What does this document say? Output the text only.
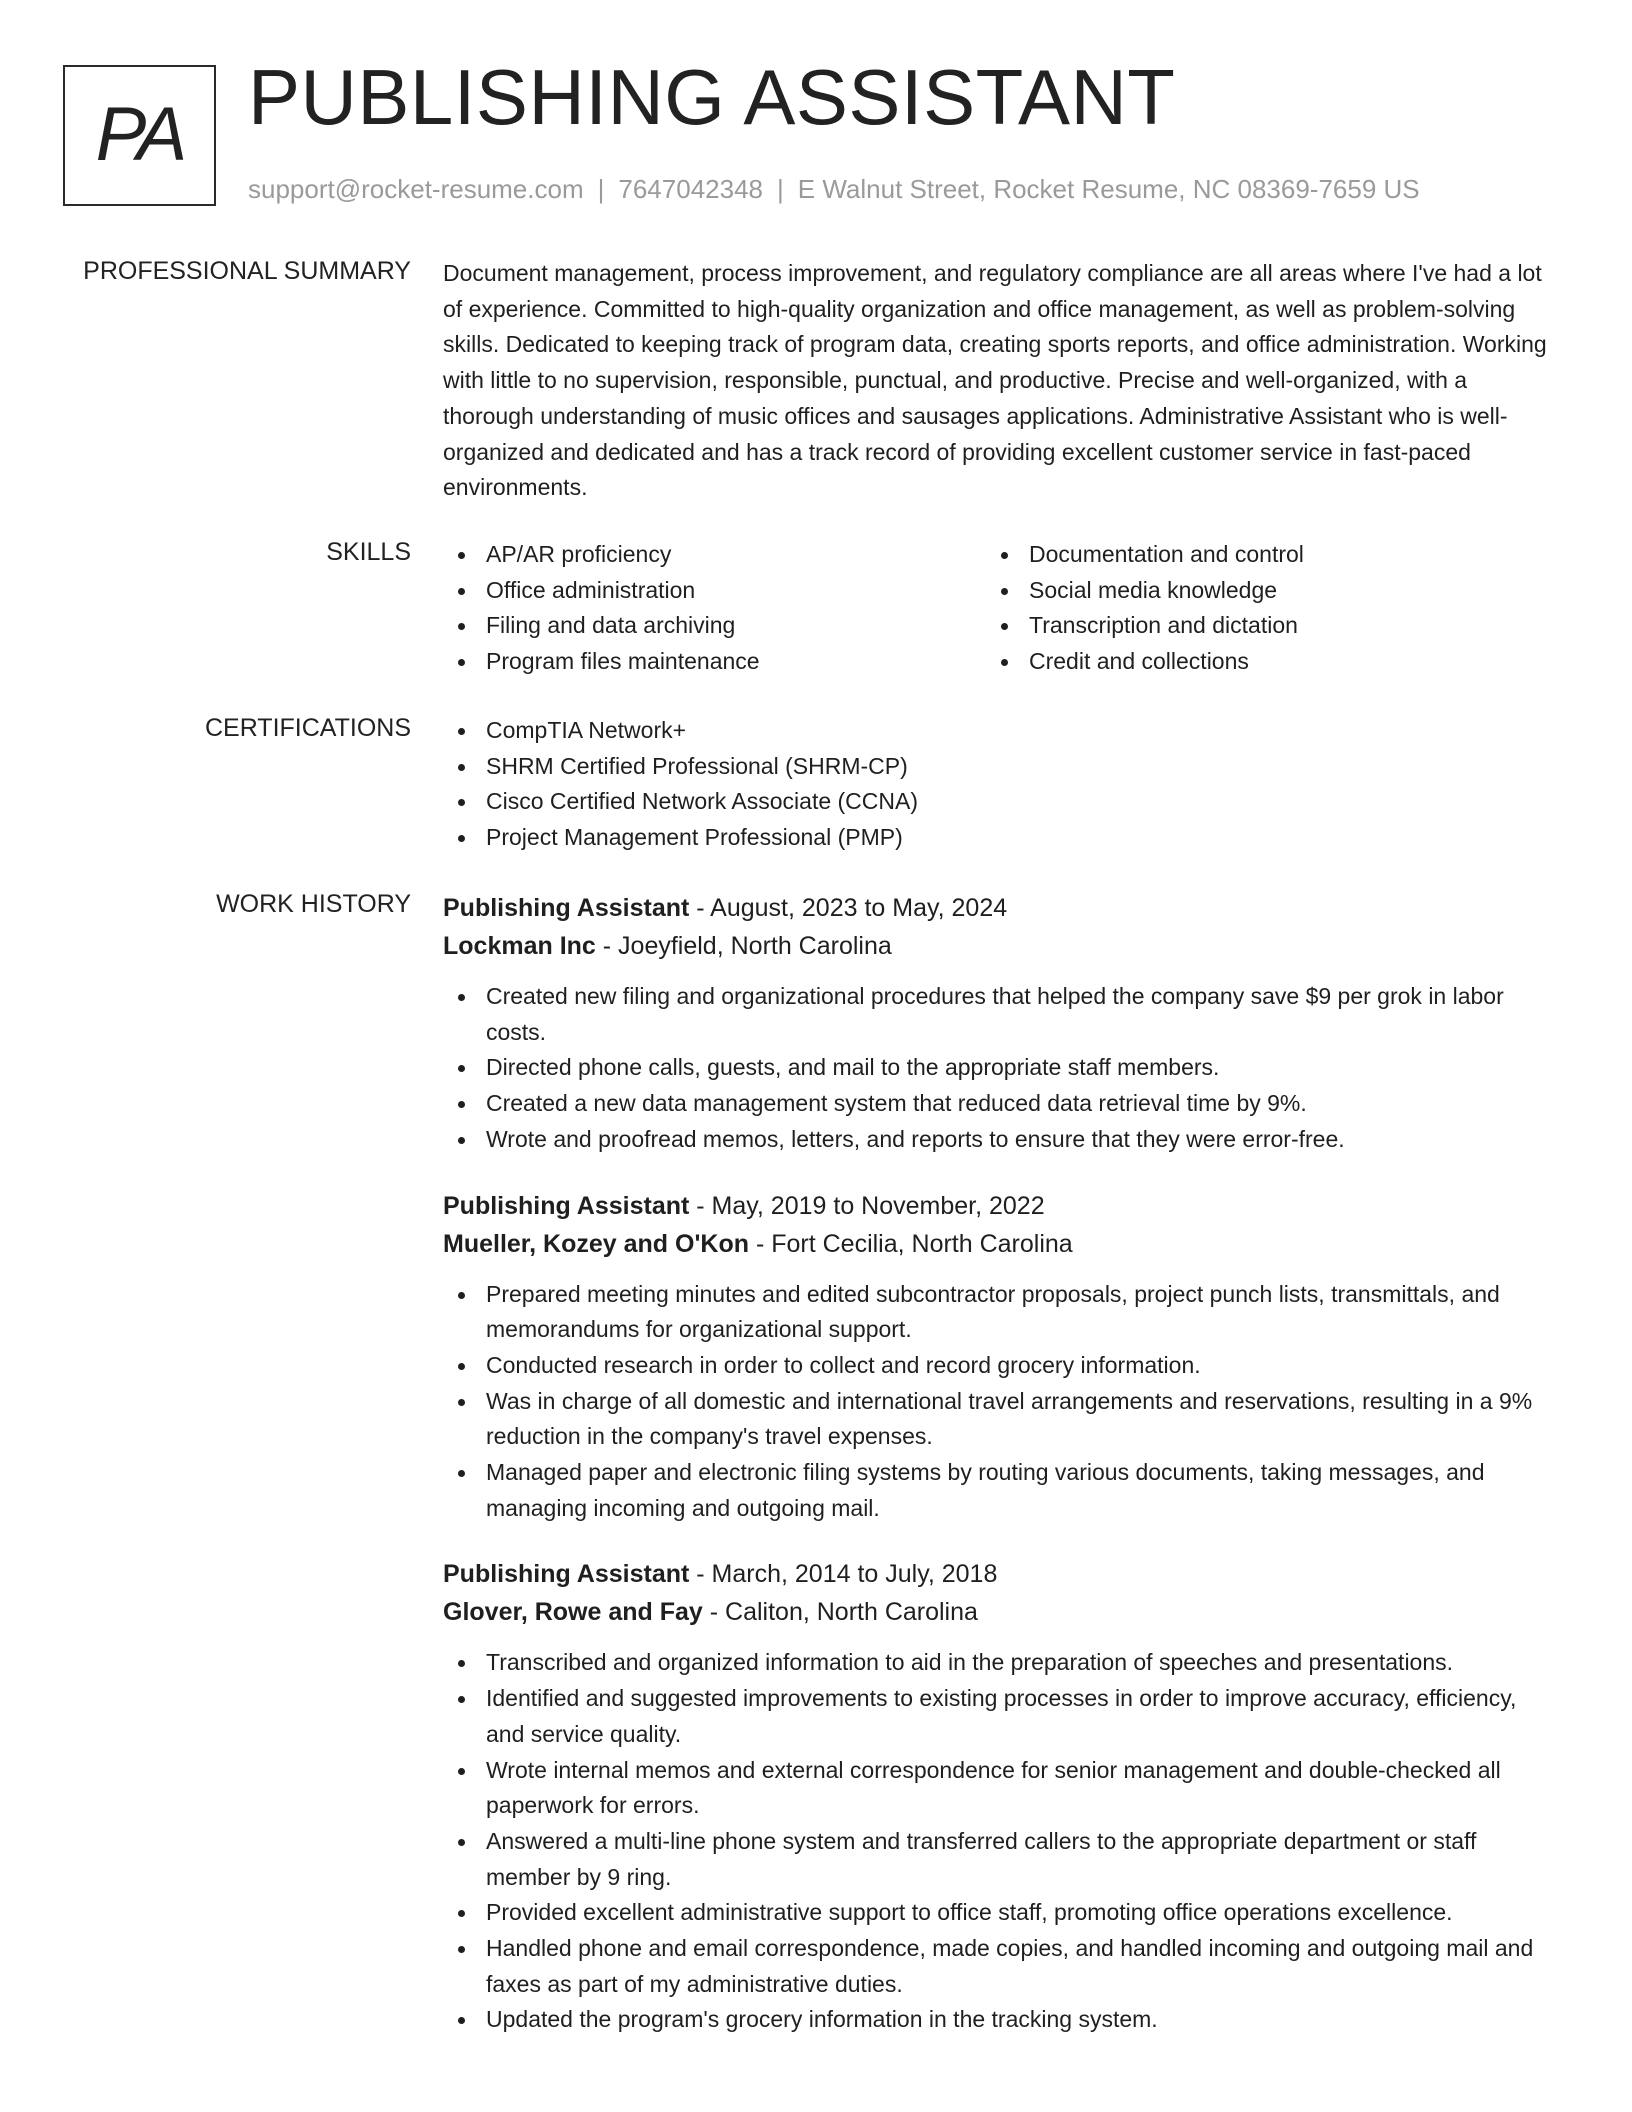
PA PUBLISHING ASSISTANT
support@rocket-resume.com | 7647042348 | E Walnut Street, Rocket Resume, NC 08369-7659 US
PROFESSIONAL SUMMARY Document management, process improvement, and regulatory compliance are all areas where I've had a lot of experience. Committed to high-quality organization and office management, as well as problem-solving skills. Dedicated to keeping track of program data, creating sports reports, and office administration. Working with little to no supervision, responsible, punctual, and productive. Precise and well-organized, with a thorough understanding of music offices and sausages applications. Administrative Assistant who is well-organized and dedicated and has a track record of providing excellent customer service in fast-paced environments.

SKILLS	AP/AR proficiency
Office administration
Filing and data archiving
Program files maintenance
Documentation and control
Social media knowledge
Transcription and dictation
Credit and collections
CERTIFICATIONS	CompTIA Network+
SHRM Certified Professional (SHRM-CP)
Cisco Certified Network Associate (CCNA)
Project Management Professional (PMP)
WORK HISTORY Publishing Assistant - August, 2023 to May, 2024
Lockman Inc - Joeyfield, North Carolina
Created new filing and organizational procedures that helped the company save $9 per grok in labor costs.
Directed phone calls, guests, and mail to the appropriate staff members.
Created a new data management system that reduced data retrieval time by 9%.
Wrote and proofread memos, letters, and reports to ensure that they were error-free.
Publishing Assistant - May, 2019 to November, 2022
Mueller, Kozey and O'Kon - Fort Cecilia, North Carolina
Prepared meeting minutes and edited subcontractor proposals, project punch lists, transmittals, and memorandums for organizational support.
Conducted research in order to collect and record grocery information.
Was in charge of all domestic and international travel arrangements and reservations, resulting in a 9% reduction in the company's travel expenses.
Managed paper and electronic filing systems by routing various documents, taking messages, and managing incoming and outgoing mail.
Publishing Assistant - March, 2014 to July, 2018
Glover, Rowe and Fay - Caliton, North Carolina
Transcribed and organized information to aid in the preparation of speeches and presentations.
Identified and suggested improvements to existing processes in order to improve accuracy, efficiency, and service quality.
Wrote internal memos and external correspondence for senior management and double-checked all paperwork for errors.
Answered a multi-line phone system and transferred callers to the appropriate department or staff member by 9 ring.
Provided excellent administrative support to office staff, promoting office operations excellence.
Handled phone and email correspondence, made copies, and handled incoming and outgoing mail and faxes as part of my administrative duties.
Updated the program's grocery information in the tracking system.
